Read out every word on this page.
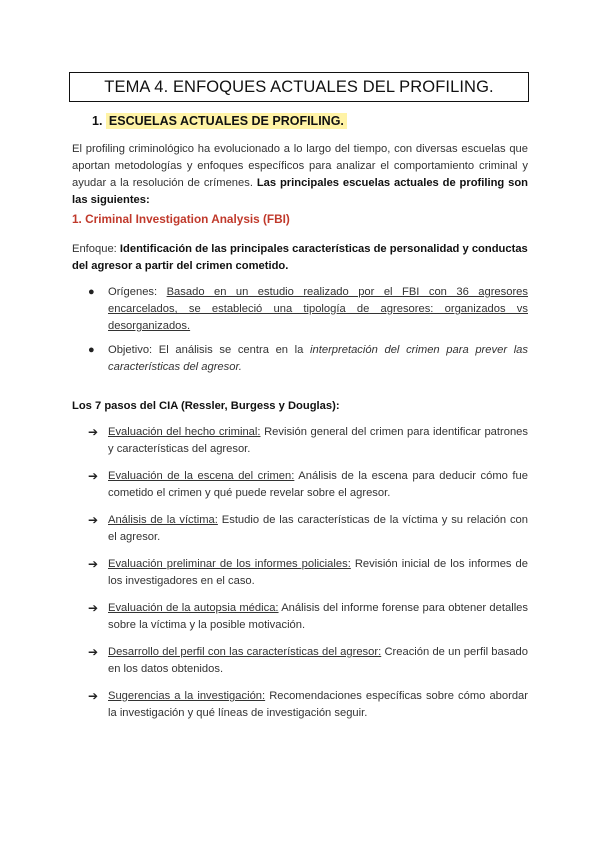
TEMA 4. ENFOQUES ACTUALES DEL PROFILING.
1. ESCUELAS ACTUALES DE PROFILING.
El profiling criminológico ha evolucionado a lo largo del tiempo, con diversas escuelas que aportan metodologías y enfoques específicos para analizar el comportamiento criminal y ayudar a la resolución de crímenes. Las principales escuelas actuales de profiling son las siguientes:
1. Criminal Investigation Analysis (FBI)
Enfoque: Identificación de las principales características de personalidad y conductas del agresor a partir del crimen cometido.
● Orígenes: Basado en un estudio realizado por el FBI con 36 agresores encarcelados, se estableció una tipología de agresores: organizados vs desorganizados.
● Objetivo: El análisis se centra en la interpretación del crimen para prever las características del agresor.
Los 7 pasos del CIA (Ressler, Burgess y Douglas):
➔ Evaluación del hecho criminal: Revisión general del crimen para identificar patrones y características del agresor.
➔ Evaluación de la escena del crimen: Análisis de la escena para deducir cómo fue cometido el crimen y qué puede revelar sobre el agresor.
➔ Análisis de la víctima: Estudio de las características de la víctima y su relación con el agresor.
➔ Evaluación preliminar de los informes policiales: Revisión inicial de los informes de los investigadores en el caso.
➔ Evaluación de la autopsia médica: Análisis del informe forense para obtener detalles sobre la víctima y la posible motivación.
➔ Desarrollo del perfil con las características del agresor: Creación de un perfil basado en los datos obtenidos.
➔ Sugerencias a la investigación: Recomendaciones específicas sobre cómo abordar la investigación y qué líneas de investigación seguir.
